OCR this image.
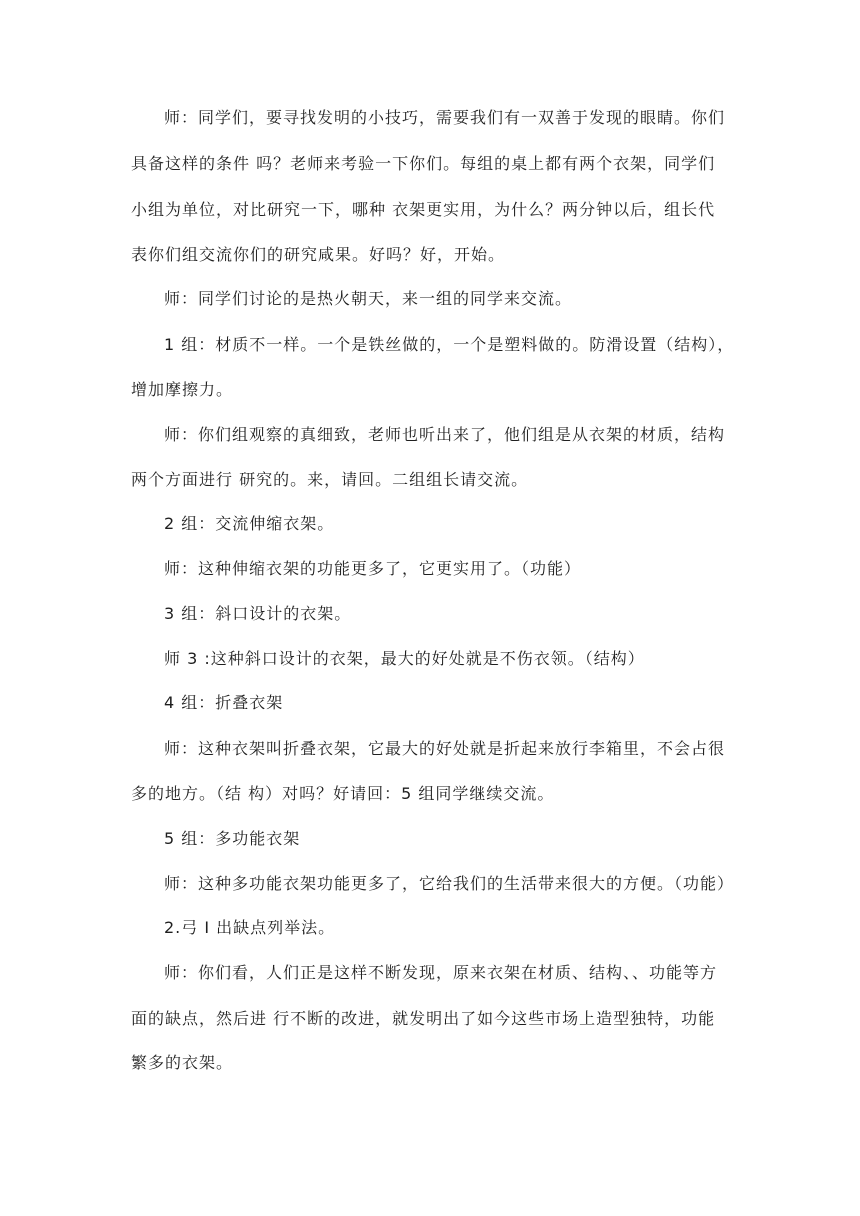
师：同学们，要寻找发明的小技巧，需要我们有一双善于发现的眼睛。你们
具备这样的条件 吗？老师来考验一下你们。每组的桌上都有两个衣架，同学们
小组为单位，对比研究一下，哪种 衣架更实用，为什么？两分钟以后，组长代
表你们组交流你们的研究咸果。好吗？好，开始。
师：同学们讨论的是热火朝天，来一组的同学来交流。
1 组：材质不一样。一个是铁丝做的，一个是塑料做的。防滑设置（结构），
增加摩擦力。
师：你们组观察的真细致，老师也听出来了，他们组是从衣架的材质，结构
两个方面进行 研究的。来，请回。二组组长请交流。
2 组：交流伸缩衣架。
师：这种伸缩衣架的功能更多了，它更实用了。（功能）
3 组：斜口设计的衣架。
师 3 :这种斜口设计的衣架，最大的好处就是不伤衣领。（结构）
4 组：折叠衣架
师：这种衣架叫折叠衣架，它最大的好处就是折起来放行李箱里，不会占很
多的地方。（结 构）对吗？好请回：5 组同学继续交流。
5 组：多功能衣架
师：这种多功能衣架功能更多了，它给我们的生活带来很大的方便。（功能）
2.弓 I 出缺点列举法。
师：你们看，人们正是这样不断发现，原来衣架在材质、结构、、功能等方
面的缺点，然后进 行不断的改进，就发明出了如今这些市场上造型独特，功能
繁多的衣架。
